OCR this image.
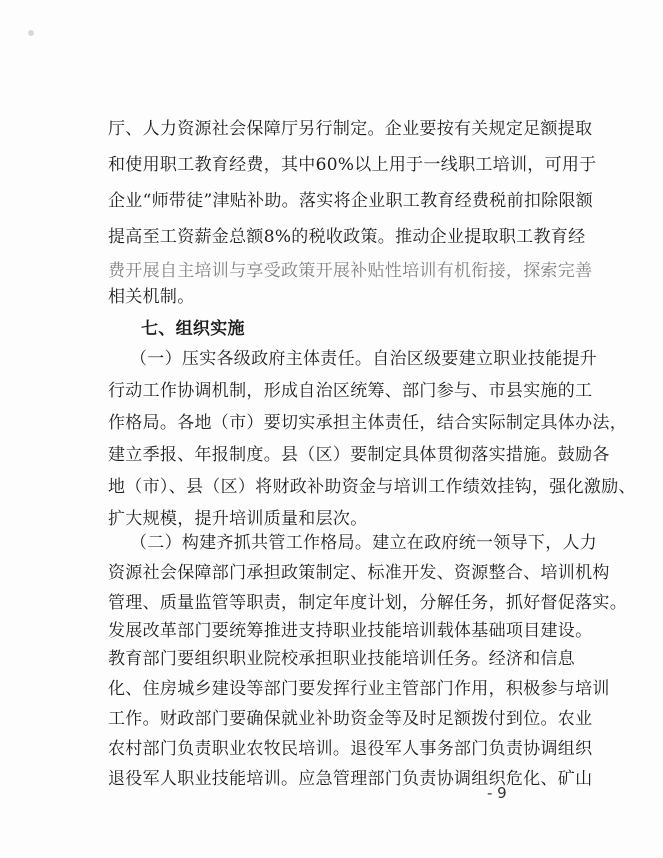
厅、人力资源社会保障厅另行制定。企业要按有关规定足额提取
和使用职工教育经费，其中60%以上用于一线职工培训，可用于
企业“师带徒”津贴补助。落实将企业职工教育经费税前扣除限额
提高至工资薪金总额8%的税收政策。推动企业提取职工教育经
费开展自主培训与享受政策开展补贴性培训有机衔接，探索完善
相关机制。
七、组织实施
（一）压实各级政府主体责任。自治区级要建立职业技能提升
行动工作协调机制，形成自治区统筹、部门参与、市县实施的工
作格局。各地（市）要切实承担主体责任，结合实际制定具体办法，
建立季报、年报制度。县（区）要制定具体贯彻落实措施。鼓励各
地（市）、县（区）将财政补助资金与培训工作绩效挂钩，强化激励、
扩大规模，提升培训质量和层次。
（二）构建齐抓共管工作格局。建立在政府统一领导下，人力
资源社会保障部门承担政策制定、标准开发、资源整合、培训机构
管理、质量监管等职责，制定年度计划，分解任务，抓好督促落实。
发展改革部门要统筹推进支持职业技能培训载体基础项目建设。
教育部门要组织职业院校承担职业技能培训任务。经济和信息
化、住房城乡建设等部门要发挥行业主管部门作用，积极参与培训
工作。财政部门要确保就业补助资金等及时足额拨付到位。农业
农村部门负责职业农牧民培训。退役军人事务部门负责协调组织
退役军人职业技能培训。应急管理部门负责协调组织危化、矿山
- 9
